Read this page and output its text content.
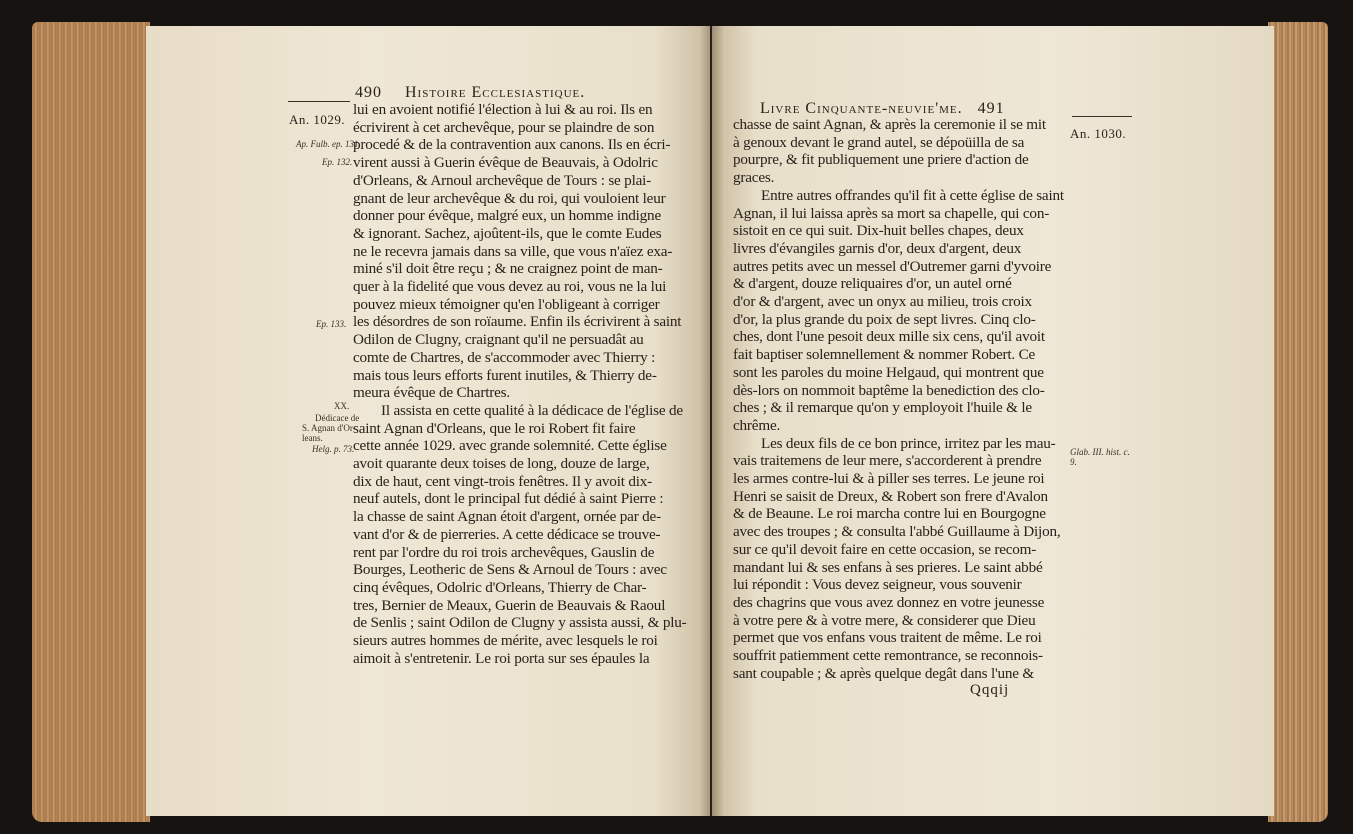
490 Histoire Ecclesiastique.
An. 1029.
Ap. Fulb. ep. 131.
Ep. 132.
Ep. 133.
XX.
Dédicace de
S. Agnan d'Or-
leans.
Helg. p. 73.
lui en avoient notifié l'élection à lui & au roi. Ils en
écrivirent à cet archevêque, pour se plaindre de son
procedé & de la contravention aux canons. Ils en écri-
virent aussi à Guerin évêque de Beauvais, à Odolric
d'Orleans, & Arnoul archevêque de Tours : se plai-
gnant de leur archevêque & du roi, qui vouloient leur
donner pour évêque, malgré eux, un homme indigne
& ignorant. Sachez, ajoûtent-ils, que le comte Eudes
ne le recevra jamais dans sa ville, que vous n'aïez exa-
miné s'il doit être reçu ; & ne craignez point de man-
quer à la fidelité que vous devez au roi, vous ne la lui
pouvez mieux témoigner qu'en l'obligeant à corriger
les désordres de son roïaume. Enfin ils écrivirent à saint
Odilon de Clugny, craignant qu'il ne persuadât au
comte de Chartres, de s'accommoder avec Thierry :
mais tous leurs efforts furent inutiles, & Thierry de-
meura évêque de Chartres.
Il assista en cette qualité à la dédicace de l'église de
saint Agnan d'Orleans, que le roi Robert fit faire
cette année 1029. avec grande solemnité. Cette église
avoit quarante deux toises de long, douze de large,
dix de haut, cent vingt-trois fenêtres. Il y avoit dix-
neuf autels, dont le principal fut dédié à saint Pierre :
la chasse de saint Agnan étoit d'argent, ornée par de-
vant d'or & de pierreries. A cette dédicace se trouve-
rent par l'ordre du roi trois archevêques, Gauslin de
Bourges, Leotheric de Sens & Arnoul de Tours : avec
cinq évêques, Odolric d'Orleans, Thierry de Char-
tres, Bernier de Meaux, Guerin de Beauvais & Raoul
de Senlis ; saint Odilon de Clugny y assista aussi, & plu-
sieurs autres hommes de mérite, avec lesquels le roi
aimoit à s'entretenir. Le roi porta sur ses épaules la
Livre Cinquante-neuvie'me. 491
An. 1030.
Glab. III. hist. c.
9.
chasse de saint Agnan, & après la ceremonie il se mit
à genoux devant le grand autel, se dépoüilla de sa
pourpre, & fit publiquement une priere d'action de
graces.
Entre autres offrandes qu'il fit à cette église de saint
Agnan, il lui laissa après sa mort sa chapelle, qui con-
sistoit en ce qui suit. Dix-huit belles chapes, deux
livres d'évangiles garnis d'or, deux d'argent, deux
autres petits avec un messel d'Outremer garni d'yvoire
& d'argent, douze reliquaires d'or, un autel orné
d'or & d'argent, avec un onyx au milieu, trois croix
d'or, la plus grande du poix de sept livres. Cinq clo-
ches, dont l'une pesoit deux mille six cens, qu'il avoit
fait baptiser solemnellement & nommer Robert. Ce
sont les paroles du moine Helgaud, qui montrent que
dès-lors on nommoit baptême la benediction des clo-
ches ; & il remarque qu'on y employoit l'huile & le
chrême.
Les deux fils de ce bon prince, irritez par les mau-
vais traitemens de leur mere, s'accorderent à prendre
les armes contre-lui & à piller ses terres. Le jeune roi
Henri se saisit de Dreux, & Robert son frere d'Avalon
& de Beaune. Le roi marcha contre lui en Bourgogne
avec des troupes ; & consulta l'abbé Guillaume à Dijon,
sur ce qu'il devoit faire en cette occasion, se recom-
mandant lui & ses enfans à ses prieres. Le saint abbé
lui répondit : Vous devez seigneur, vous souvenir
des chagrins que vous avez donnez en votre jeunesse
à votre pere & à votre mere, & considerer que Dieu
permet que vos enfans vous traitent de même. Le roi
souffrit patiemment cette remontrance, se reconnois-
sant coupable ; & après quelque degât dans l'une &
Qqqij
